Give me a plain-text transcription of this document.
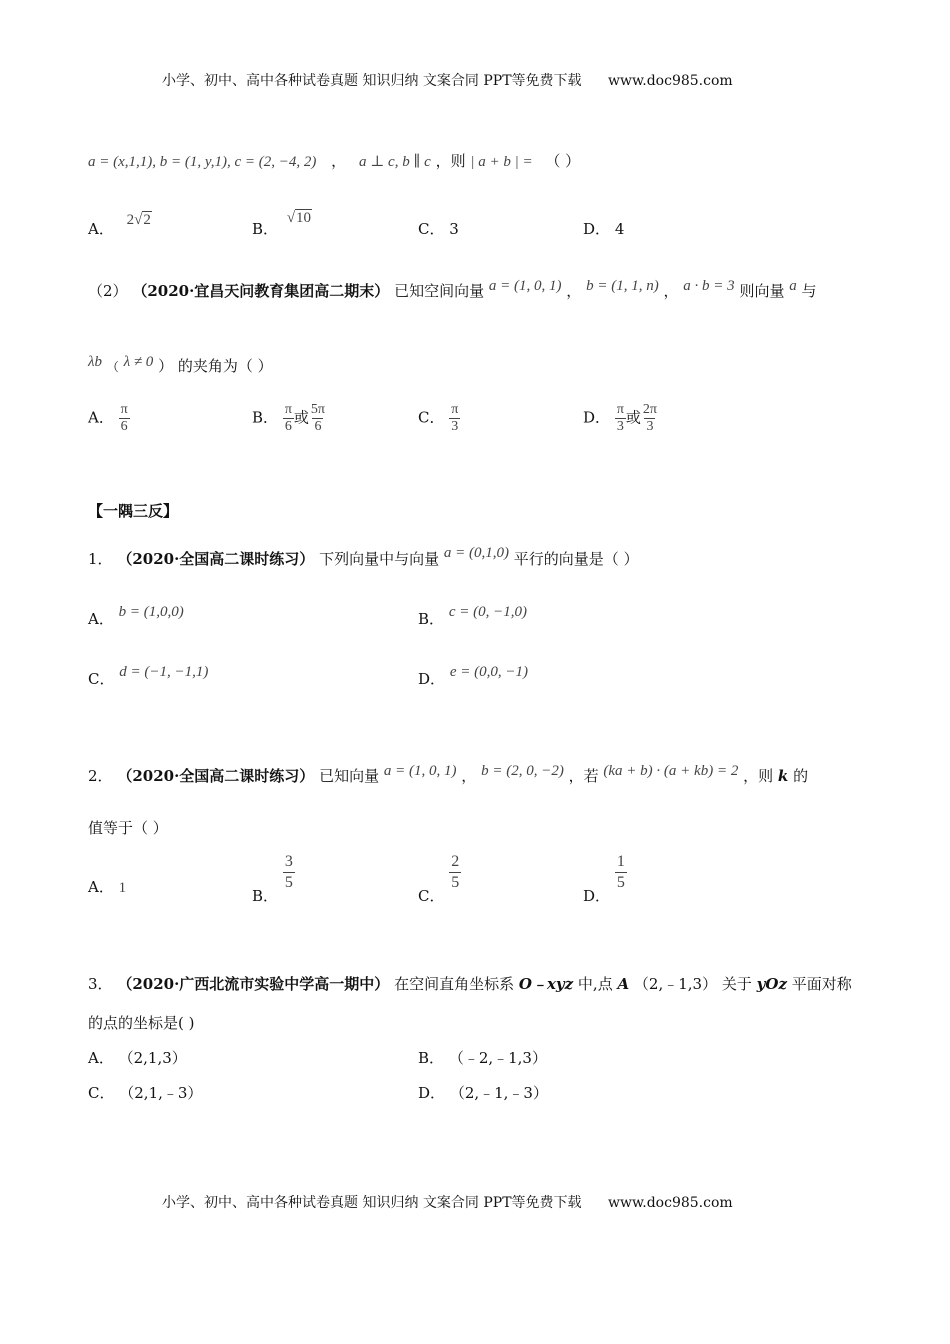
小学、初中、高中各种试卷真题 知识归纳 文案合同 PPT等免费下载 www.doc985.com
a = (x,1,1), b = (1, y,1), c = (2, −4, 2) ， a ⊥ c, b ∥ c ，则 | a + b | = （ ）
A． 2√2	B． √10
C． 3	D． 4
（2） （2020·宜昌天问教育集团高二期末） 已知空间向量 a = (1, 0, 1) ， b = (1, 1, n) ， a · b = 3 则向量 a 与
λb （ λ ≠ 0 ） 的夹角为（ ）
A． $\frac{\pi}{6}$	B． $\frac{\pi}{6}$ 或 $\frac{5\pi}{6}$	C． $\frac{\pi}{3}$	D． $\frac{\pi}{3}$ 或 $\frac{2\pi}{3}$
【一隅三反】
1． （2020·全国高二课时练习） 下列向量中与向量 a = (0,1,0) 平行的向量是（ ）
A． b = (1,0,0)	B． c = (0, −1,0)
C． d = (−1, −1,1)	D． e = (0,0, −1)
2． （2020·全国高二课时练习） 已知向量 a = (1, 0, 1) ， b = (2, 0, −2) ，若 (ka + b) · (a + kb) = 2 ，则 k 的
值等于（ ）
A． 1	B．
$\frac{3}{5}$
C．
$\frac{2}{5}$
D．
$\frac{1}{5}$
3． （2020·广西北流市实验中学高一期中） 在空间直角坐标系 O﹣xyz 中,点 A （2,﹣1,3） 关于 yOz 平面对称
的点的坐标是( )
A． （2,1,3）	B． （﹣2,﹣1,3）
C． （2,1,﹣3）	D． （2,﹣1,﹣3）
小学、初中、高中各种试卷真题 知识归纳 文案合同 PPT等免费下载 www.doc985.com
